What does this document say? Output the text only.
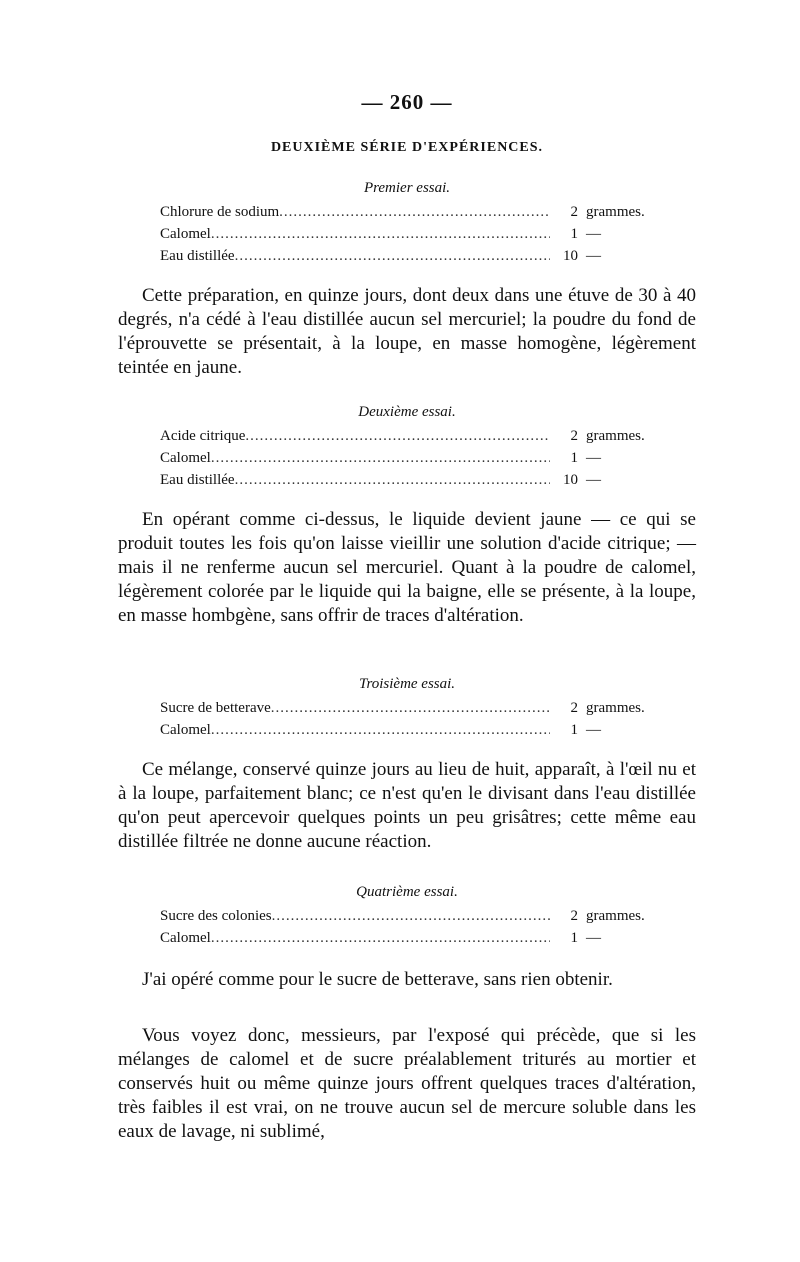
— 260 —
DEUXIÈME SÉRIE D'EXPÉRIENCES.
Premier essai.
Chlorure de sodium .....	2 grammes.
Calomel .....	1 —
Eau distillée .....	10 —

Cette préparation, en quinze jours, dont deux dans une étuve de 30 à 40 degrés, n'a cédé à l'eau distillée aucun sel mercuriel; la poudre du fond de l'éprouvette se présentait, à la loupe, en masse homogène, légèrement teintée en jaune.

Deuxième essai.
Acide citrique .....	2 grammes.
Calomel .....	1 —
Eau distillée .....	10 —

En opérant comme ci-dessus, le liquide devient jaune — ce qui se produit toutes les fois qu'on laisse vieillir une solution d'acide citrique; — mais il ne renferme aucun sel mercuriel. Quant à la poudre de calomel, légèrement colorée par le liquide qui la baigne, elle se présente, à la loupe, en masse hombgène, sans offrir de traces d'altération.

Troisième essai.
Sucre de betterave .....	2 grammes.
Calomel .....	1 —

Ce mélange, conservé quinze jours au lieu de huit, apparaît, à l'œil nu et à la loupe, parfaitement blanc; ce n'est qu'en le divisant dans l'eau distillée qu'on peut apercevoir quelques points un peu grisâtres; cette même eau distillée filtrée ne donne aucune réaction.

Quatrième essai.
Sucre des colonies .....	2 grammes.
Calomel .....	1 —

J'ai opéré comme pour le sucre de betterave, sans rien obtenir.

Vous voyez donc, messieurs, par l'exposé qui précède, que si les mélanges de calomel et de sucre préalablement triturés au mortier et conservés huit ou même quinze jours offrent quelques traces d'altération, très faibles il est vrai, on ne trouve aucun sel de mercure soluble dans les eaux de lavage, ni sublimé,
